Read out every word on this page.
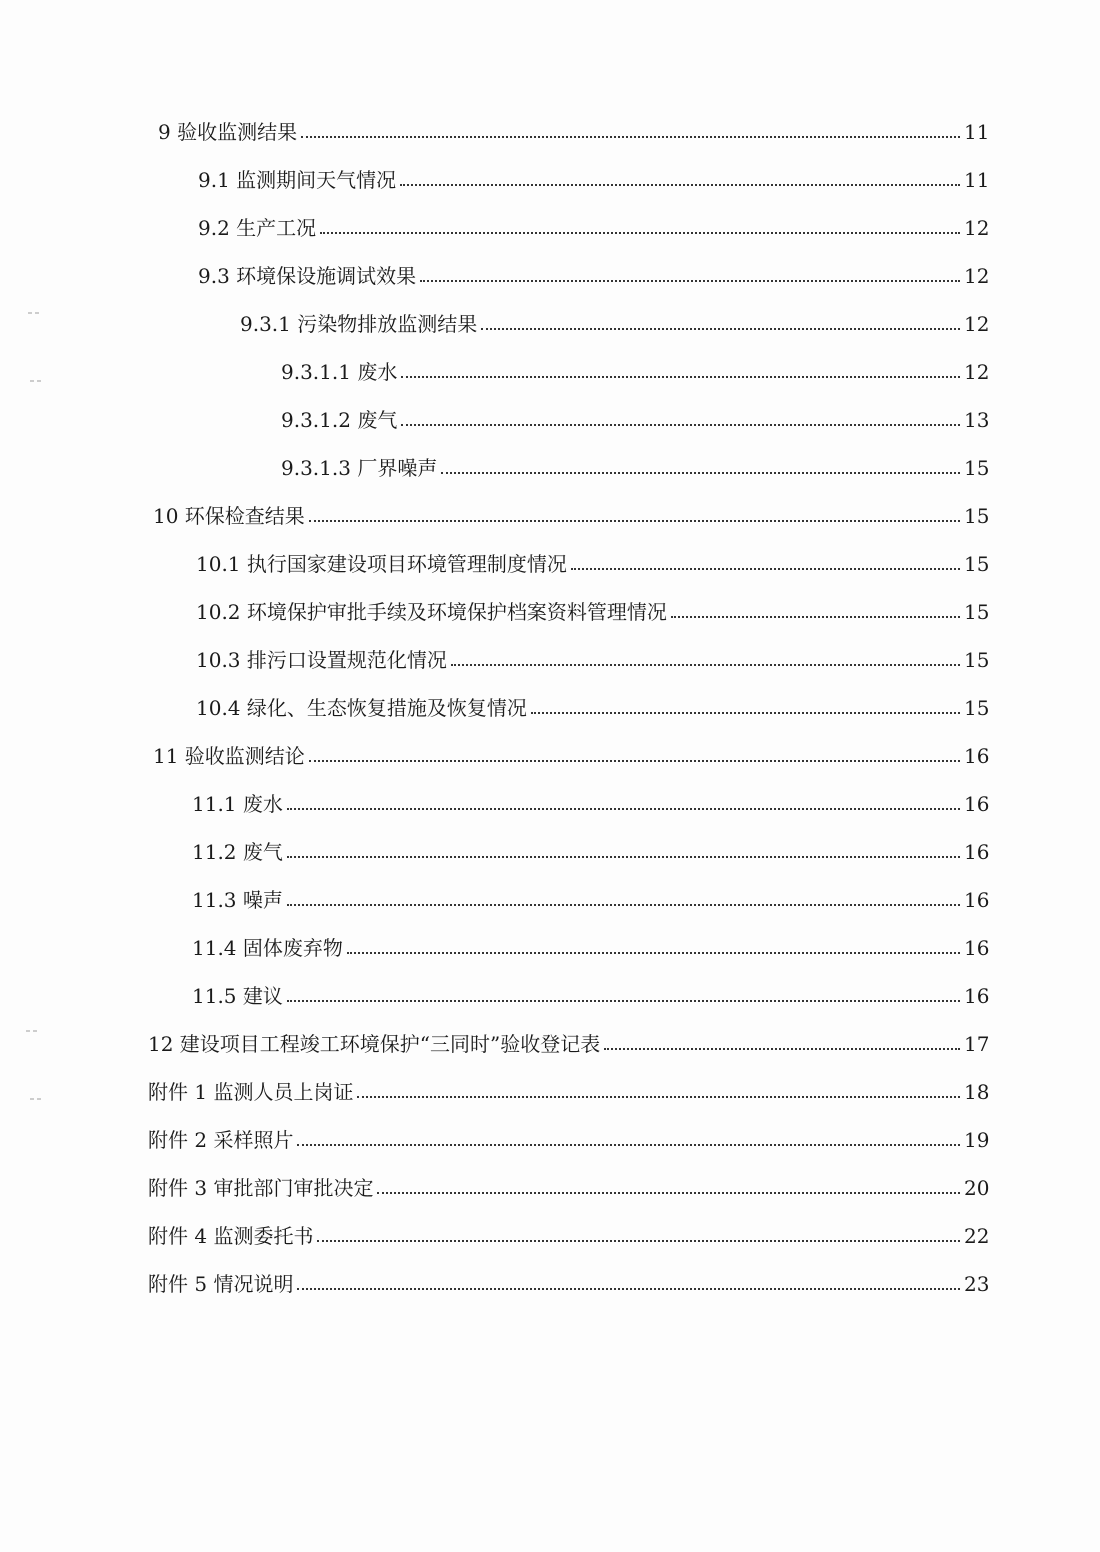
9 验收监测结果	11
9.1 监测期间天气情况	11
9.2 生产工况	12
9.3 环境保设施调试效果	12
9.3.1 污染物排放监测结果	12
9.3.1.1 废水	12
9.3.1.2 废气	13
9.3.1.3 厂界噪声	15
10 环保检查结果	15
10.1 执行国家建设项目环境管理制度情况	15
10.2 环境保护审批手续及环境保护档案资料管理情况	15
10.3 排污口设置规范化情况	15
10.4 绿化、生态恢复措施及恢复情况	15
11 验收监测结论	16
11.1 废水	16
11.2 废气	16
11.3 噪声	16
11.4 固体废弃物	16
11.5 建议	16
12 建设项目工程竣工环境保护“三同时”验收登记表	17
附件 1 监测人员上岗证	18
附件 2 采样照片	19
附件 3 审批部门审批决定	20
附件 4 监测委托书	22
附件 5 情况说明	23
